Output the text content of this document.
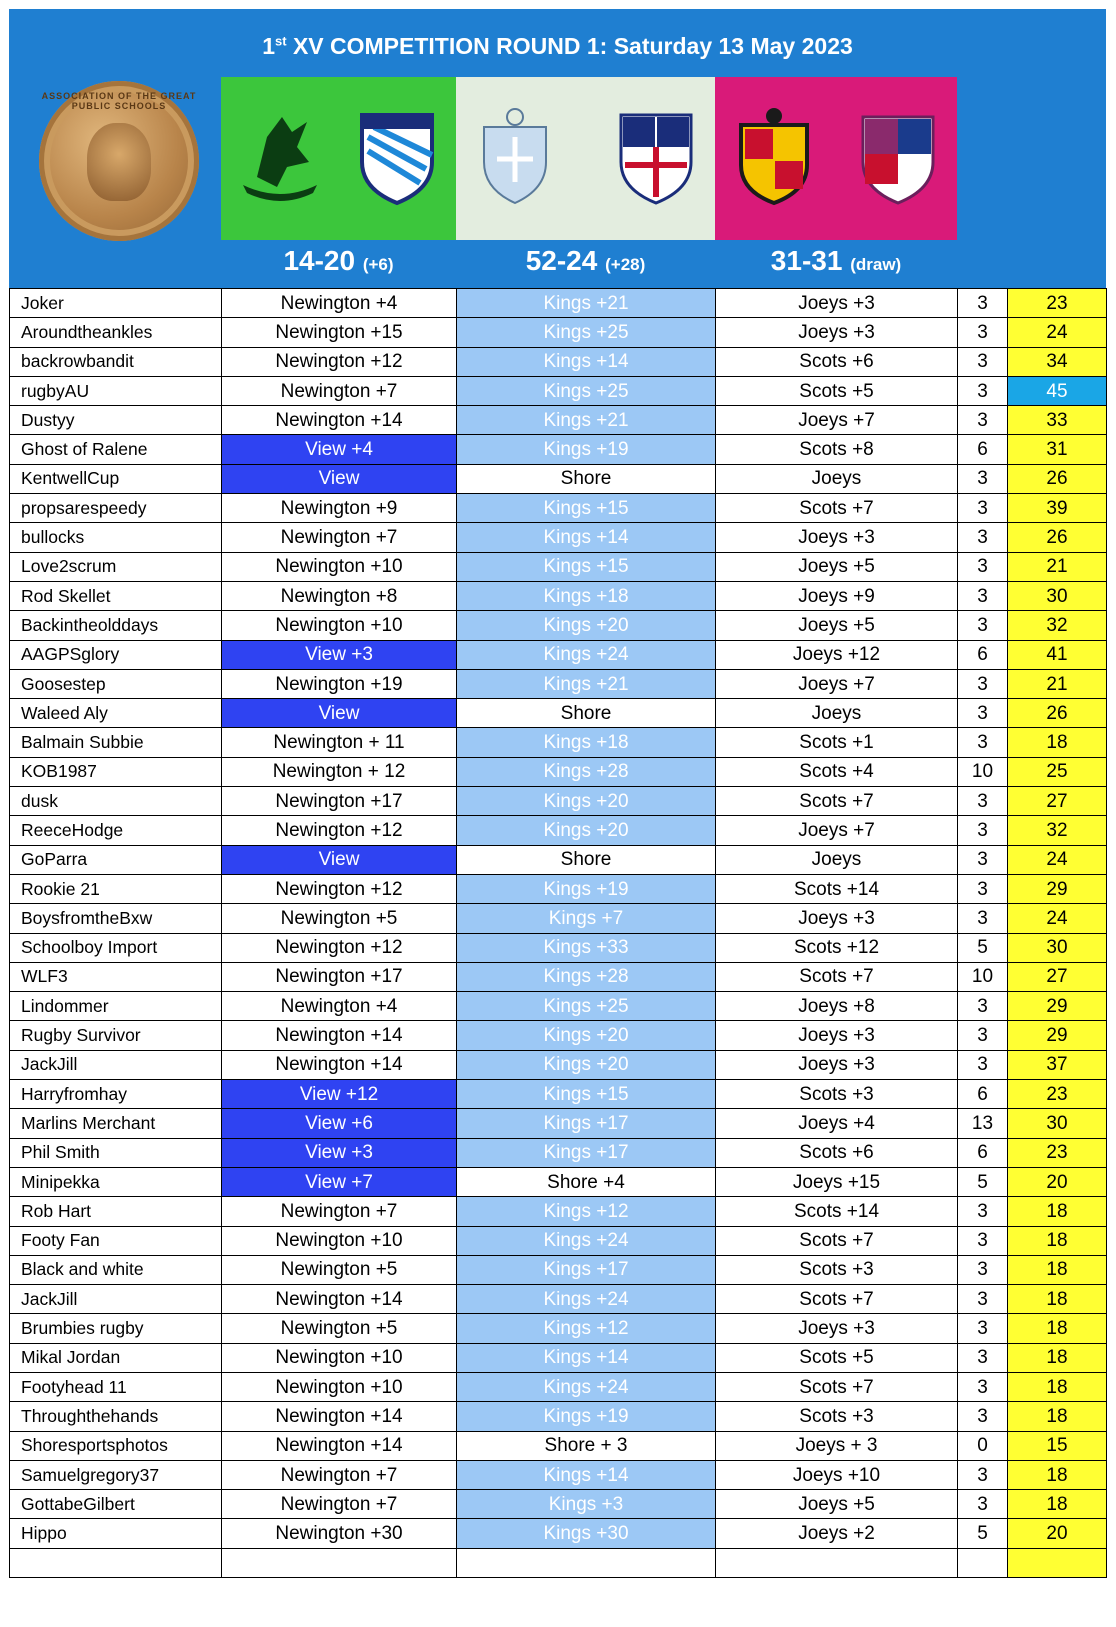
1st XV COMPETITION ROUND 1: Saturday 13 May 2023
ASSOCIATION OF THE GREAT PUBLIC SCHOOLS
14-20 (+6)	52-24 (+28)	31-31 (draw)
Joker	Newington +4	Kings +21	Joeys +3	3	23
Aroundtheankles	Newington +15	Kings +25	Joeys +3	3	24
backrowbandit	Newington +12	Kings +14	Scots +6	3	34
rugbyAU	Newington +7	Kings +25	Scots +5	3	45
Dustyy	Newington +14	Kings +21	Joeys +7	3	33
Ghost of Ralene	View +4	Kings +19	Scots +8	6	31
KentwellCup	View	Shore	Joeys	3	26
propsarespeedy	Newington +9	Kings +15	Scots +7	3	39
bullocks	Newington +7	Kings +14	Joeys +3	3	26
Love2scrum	Newington +10	Kings +15	Joeys +5	3	21
Rod Skellet	Newington +8	Kings +18	Joeys +9	3	30
Backintheolddays	Newington +10	Kings +20	Joeys +5	3	32
AAGPSglory	View +3	Kings +24	Joeys +12	6	41
Goosestep	Newington +19	Kings +21	Joeys +7	3	21
Waleed Aly	View	Shore	Joeys	3	26
Balmain Subbie	Newington + 11	Kings +18	Scots +1	3	18
KOB1987	Newington + 12	Kings +28	Scots +4	10	25
dusk	Newington +17	Kings +20	Scots +7	3	27
ReeceHodge	Newington +12	Kings +20	Joeys +7	3	32
GoParra	View	Shore	Joeys	3	24
Rookie 21	Newington +12	Kings +19	Scots +14	3	29
BoysfromtheBxw	Newington +5	Kings +7	Joeys +3	3	24
Schoolboy Import	Newington +12	Kings +33	Scots +12	5	30
WLF3	Newington +17	Kings +28	Scots +7	10	27
Lindommer	Newington +4	Kings +25	Joeys +8	3	29
Rugby Survivor	Newington +14	Kings +20	Joeys +3	3	29
JackJill	Newington +14	Kings +20	Joeys +3	3	37
Harryfromhay	View +12	Kings +15	Scots +3	6	23
Marlins Merchant	View +6	Kings +17	Joeys +4	13	30
Phil Smith	View +3	Kings +17	Scots +6	6	23
Minipekka	View +7	Shore +4	Joeys +15	5	20
Rob Hart	Newington +7	Kings +12	Scots +14	3	18
Footy Fan	Newington +10	Kings +24	Scots +7	3	18
Black and white	Newington +5	Kings +17	Scots +3	3	18
JackJill	Newington +14	Kings +24	Scots +7	3	18
Brumbies rugby	Newington +5	Kings +12	Joeys +3	3	18
Mikal Jordan	Newington +10	Kings +14	Scots +5	3	18
Footyhead 11	Newington +10	Kings +24	Scots +7	3	18
Throughthehands	Newington +14	Kings +19	Scots +3	3	18
Shoresportsphotos	Newington +14	Shore + 3	Joeys + 3	0	15
Samuelgregory37	Newington +7	Kings +14	Joeys +10	3	18
GottabeGilbert	Newington +7	Kings +3	Joeys +5	3	18
Hippo	Newington +30	Kings +30	Joeys +2	5	20
